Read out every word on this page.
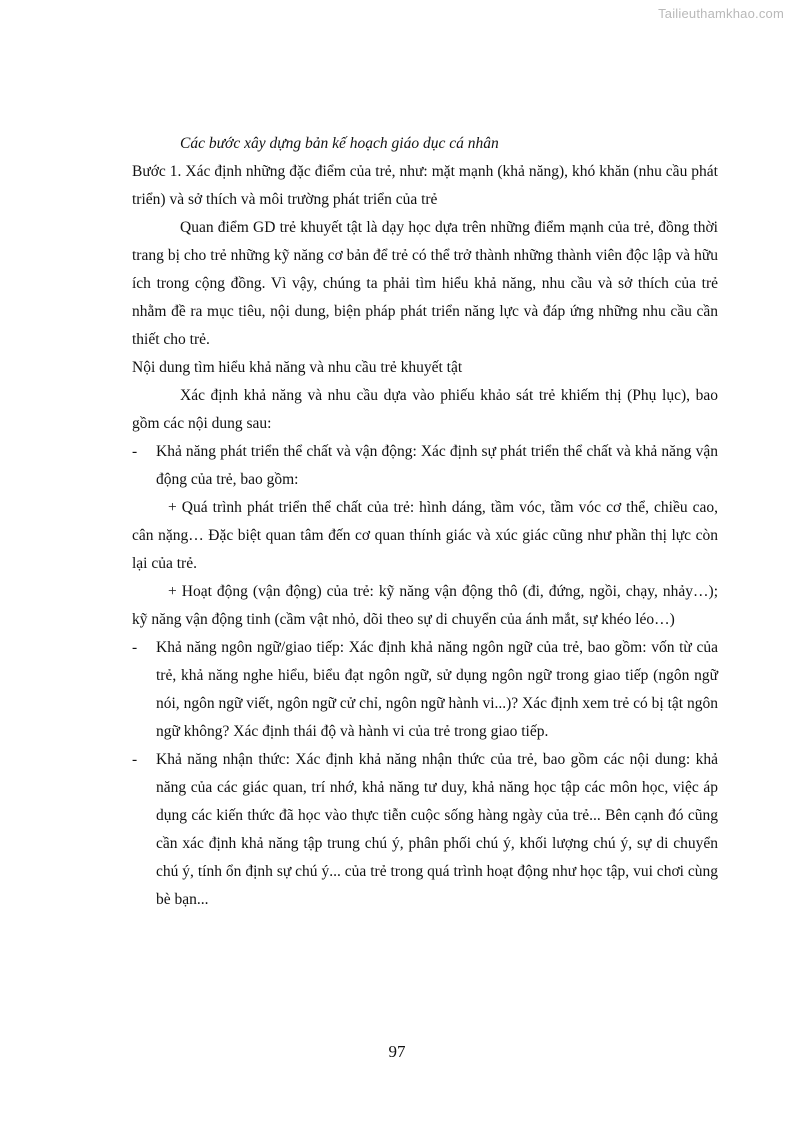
Tailieuthamkhao.com

Các bước xây dựng bản kế hoạch giáo dục cá nhân

Bước 1. Xác định những đặc điểm của trẻ, như: mặt mạnh (khả năng), khó khăn (nhu cầu phát triển) và sở thích và môi trường phát triển của trẻ

Quan điểm GD trẻ khuyết tật là dạy học dựa trên những điểm mạnh của trẻ, đồng thời trang bị cho trẻ những kỹ năng cơ bản để trẻ có thể trở thành những thành viên độc lập và hữu ích trong cộng đồng. Vì vậy, chúng ta phải tìm hiểu khả năng, nhu cầu và sở thích của trẻ nhằm đề ra mục tiêu, nội dung, biện pháp phát triển năng lực và đáp ứng những nhu cầu cần thiết cho trẻ.

Nội dung tìm hiểu khả năng và nhu cầu trẻ khuyết tật

Xác định khả năng và nhu cầu dựa vào phiếu khảo sát trẻ khiếm thị (Phụ lục), bao gồm các nội dung sau:

- Khả năng phát triển thể chất và vận động: Xác định sự phát triển thể chất và khả năng vận động của trẻ, bao gồm:

+ Quá trình phát triển thể chất của trẻ: hình dáng, tầm vóc, tầm vóc cơ thể, chiều cao, cân nặng… Đặc biệt quan tâm đến cơ quan thính giác và xúc giác cũng như phần thị lực còn lại của trẻ.

+ Hoạt động (vận động) của trẻ: kỹ năng vận động thô (đi, đứng, ngồi, chạy, nhảy…); kỹ năng vận động tinh (cầm vật nhỏ, dõi theo sự di chuyển của ánh mắt, sự khéo léo…)

- Khả năng ngôn ngữ/giao tiếp: Xác định khả năng ngôn ngữ của trẻ, bao gồm: vốn từ của trẻ, khả năng nghe hiểu, biểu đạt ngôn ngữ, sử dụng ngôn ngữ trong giao tiếp (ngôn ngữ nói, ngôn ngữ viết, ngôn ngữ cử chỉ, ngôn ngữ hành vi...)? Xác định xem trẻ có bị tật ngôn ngữ không? Xác định thái độ và hành vi của trẻ trong giao tiếp.

- Khả năng nhận thức: Xác định khả năng nhận thức của trẻ, bao gồm các nội dung: khả năng của các giác quan, trí nhớ, khả năng tư duy, khả năng học tập các môn học, việc áp dụng các kiến thức đã học vào thực tiễn cuộc sống hàng ngày của trẻ... Bên cạnh đó cũng cần xác định khả năng tập trung chú ý, phân phối chú ý, khối lượng chú ý, sự di chuyển chú ý, tính ổn định sự chú ý... của trẻ trong quá trình hoạt động như học tập, vui chơi cùng bè bạn...

97
